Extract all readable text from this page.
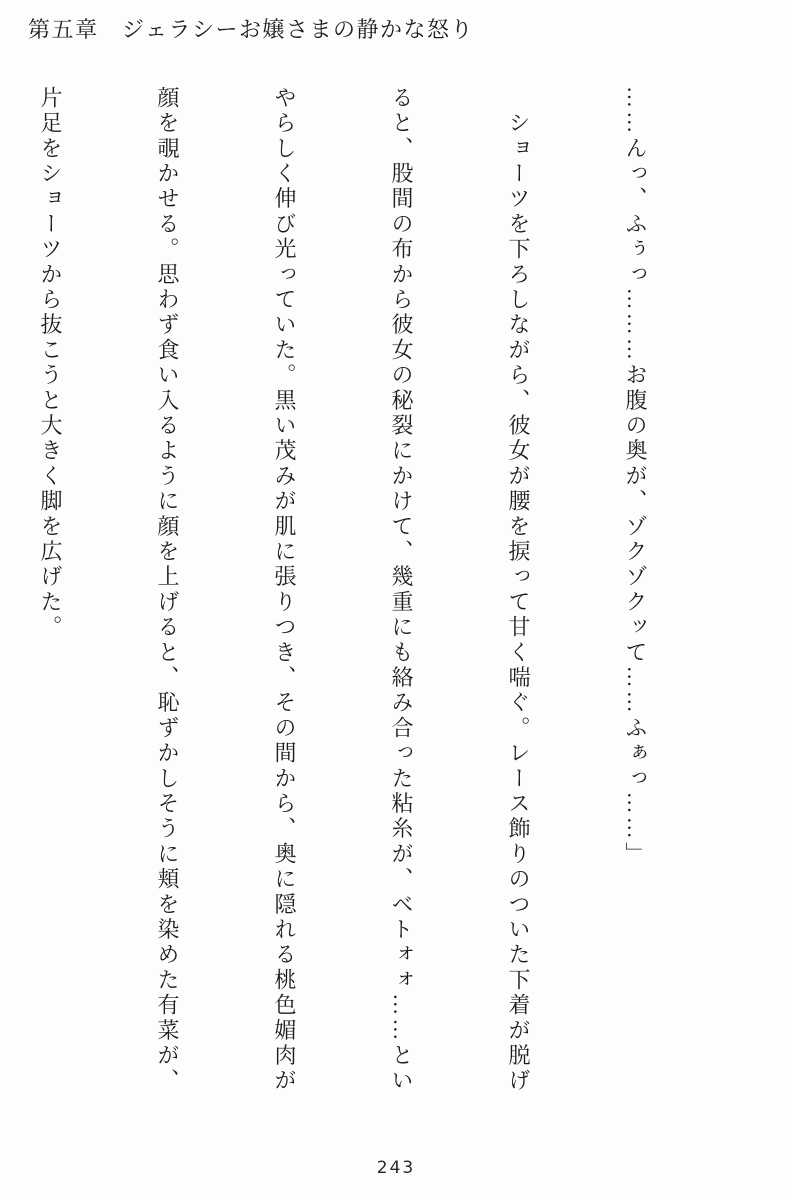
第五章　ジェラシーお嬢さまの静かな怒り

……んっ、ふぅっ………お腹の奥が、ゾクゾクッて……ふぁっ……」

　ショーツを下ろしながら、彼女が腰を捩って甘く喘ぐ。レース飾りのついた下着が脱げ

ると、股間の布から彼女の秘裂にかけて、幾重にも絡み合った粘糸が、ベトォォ……とい

やらしく伸び光っていた。黒い茂みが肌に張りつき、その間から、奥に隠れる桃色媚肉が

顔を覗かせる。思わず食い入るように顔を上げると、恥ずかしそうに頬を染めた有菜が、

片足をショーツから抜こうと大きく脚を広げた。

243
